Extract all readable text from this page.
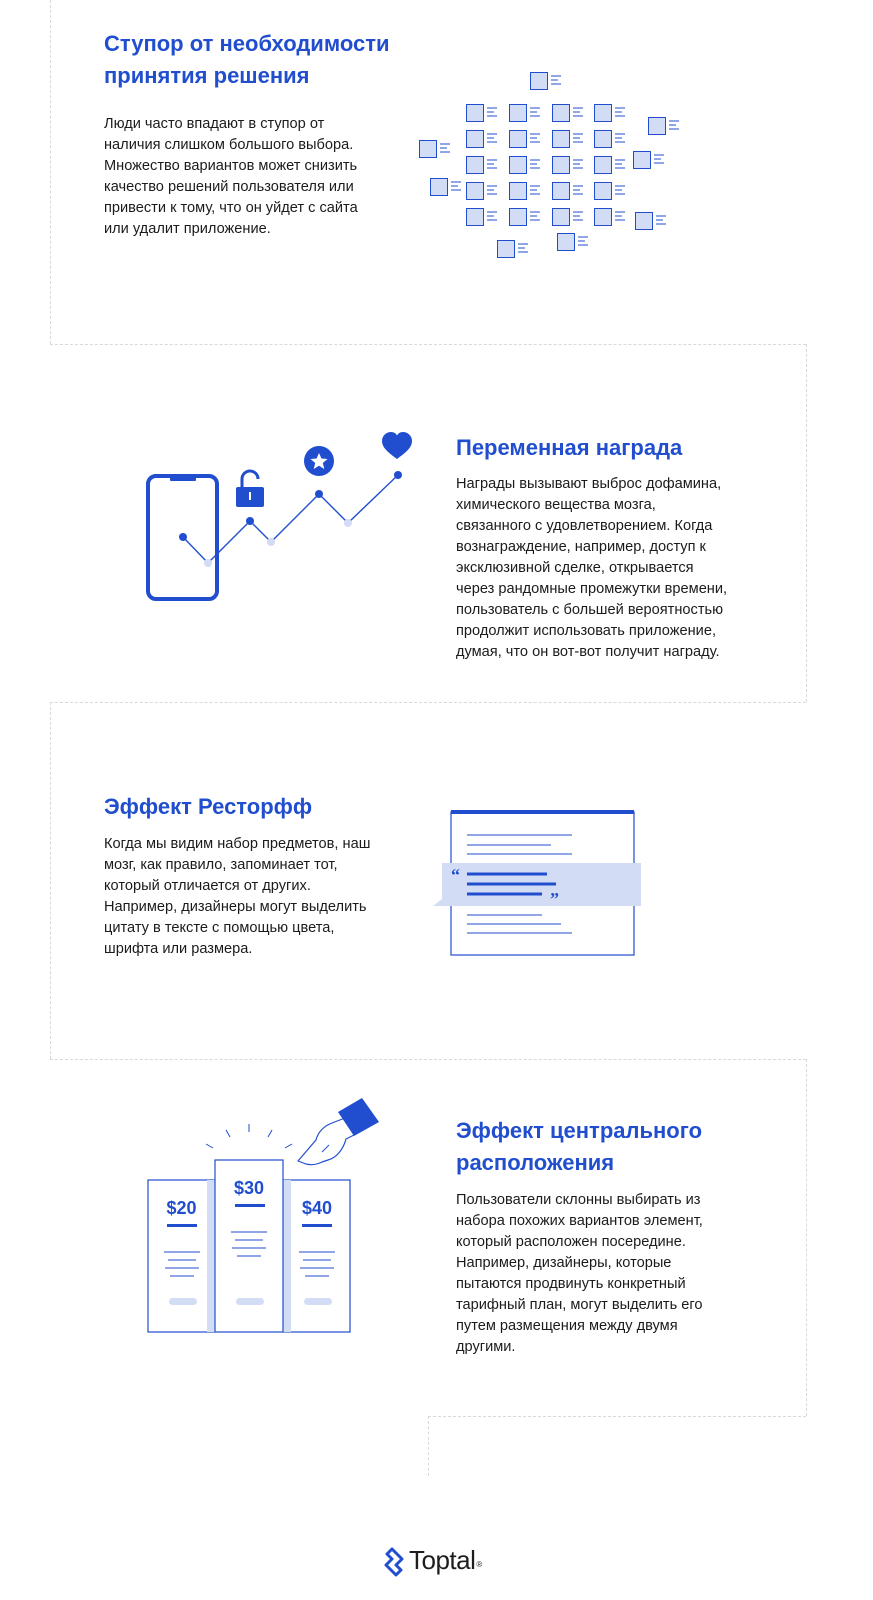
Ступор от необходимости
принятия решения

Люди часто впадают в ступор от
наличия слишком большого выбора.
Множество вариантов может снизить
качество решений пользователя или
привести к тому, что он уйдет с сайта
или удалит приложение.

Переменная награда

Награды вызывают выброс дофамина,
химического вещества мозга,
связанного с удовлетворением. Когда
вознаграждение, например, доступ к
эксклюзивной сделке, открывается
через рандомные промежутки времени,
пользователь с большей вероятностью
продолжит использовать приложение,
думая, что он вот-вот получит награду.

Эффект Ресторфф

Когда мы видим набор предметов, наш
мозг, как правило, запоминает тот,
который отличается от других.
Например, дизайнеры могут выделить
цитату в тексте с помощью цвета,
шрифта или размера.

“
”
Эффект центрального
расположения

Пользователи склонны выбирать из
набора похожих вариантов элемент,
который расположен посередине.
Например, дизайнеры, которые
пытаются продвинуть конкретный
тарифный план, могут выделить его
путем размещения между двумя
другими.

$20
$30
$40
Toptal ®
